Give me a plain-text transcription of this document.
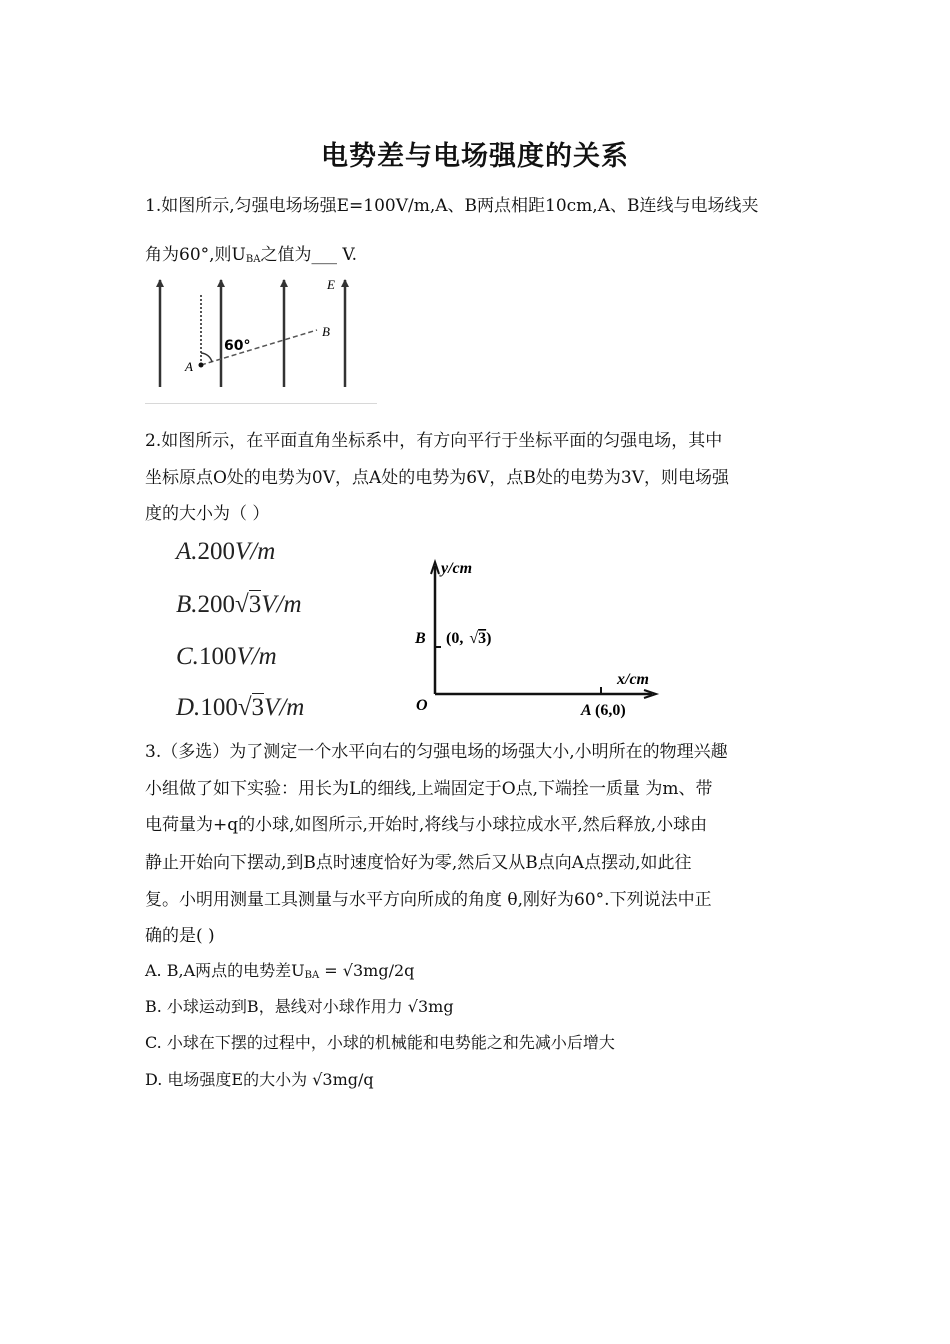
电势差与电场强度的关系
1.如图所示,匀强电场场强E=100V/m,A、B两点相距10cm,A、B连线与电场线夹
角为60°,则$U_{BA}$之值为___ V.
60°
A
B
E
2.如图所示，在平面直角坐标系中，有方向平行于坐标平面的匀强电场，其中
坐标原点O处的电势为0V，点A处的电势为6V，点B处的电势为3V，则电场强
度的大小为（ ）
A.200V/m
B.200√3V/m
C.100V/m
D.100√3V/m
y/cm
x/cm
O
B (0, √3)
A (6,0)
3.（多选）为了测定一个水平向右的匀强电场的场强大小,小明所在的物理兴趣
小组做了如下实验：用长为L的细线,上端固定于O点,下端拴一质量 为m、带
电荷量为+q的小球,如图所示,开始时,将线与小球拉成水平,然后释放,小球由
静止开始向下摆动,到B点时速度恰好为零,然后又从B点向A点摆动,如此往
复。小明用测量工具测量与水平方向所成的角度 θ,刚好为60°.下列说法中正
确的是( )
A. B,A两点的电势差$U_{BA} = √3mg/2q$
B. 小球运动到B，悬线对小球作用力 √3mg
C. 小球在下摆的过程中，小球的机械能和电势能之和先减小后增大
D. 电场强度E的大小为 √3mg/q
